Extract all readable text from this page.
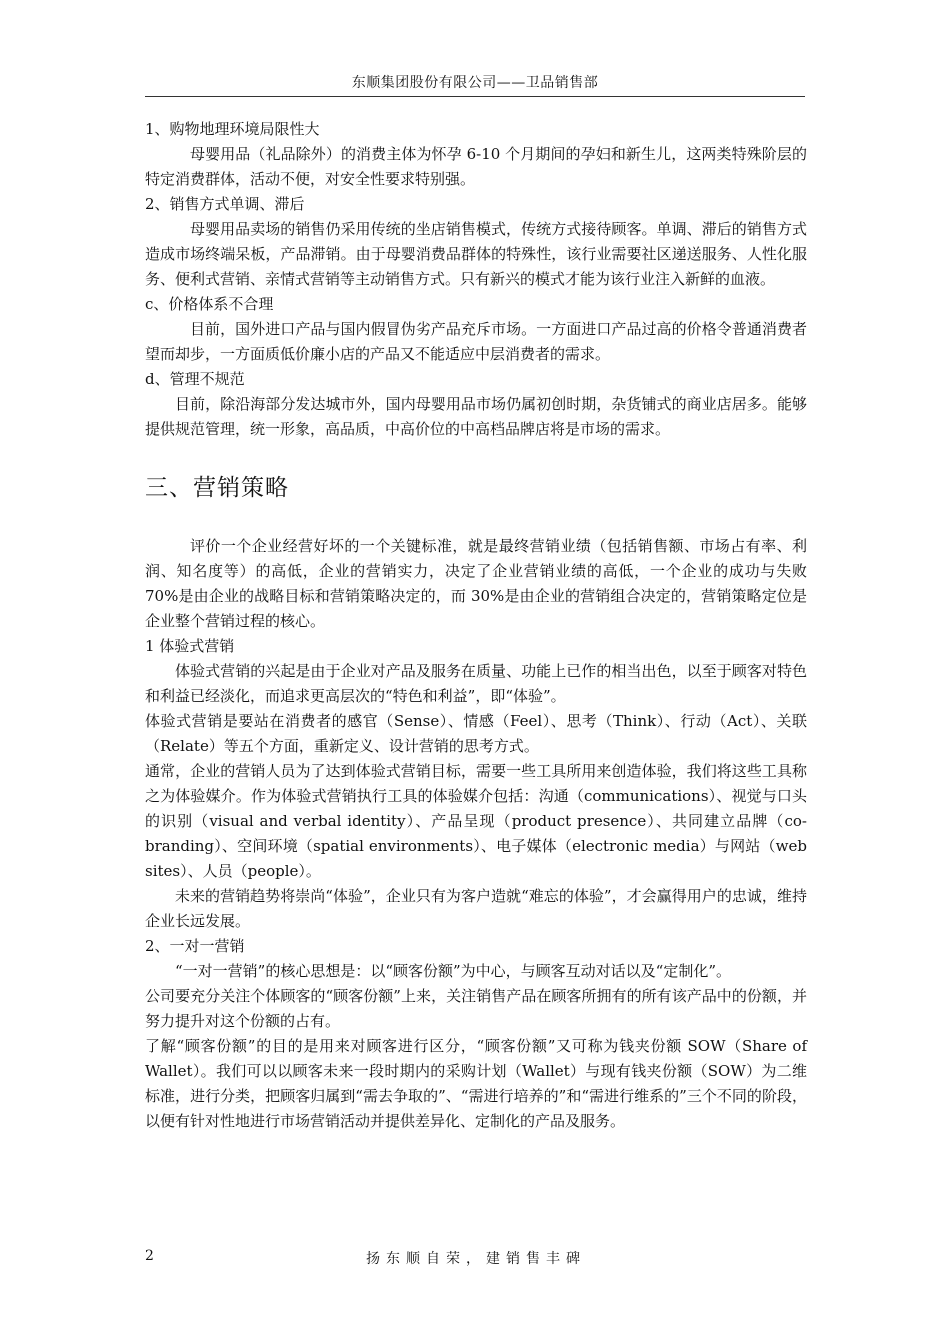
东顺集团股份有限公司——卫品销售部

1、购物地理环境局限性大

母婴用品（礼品除外）的消费主体为怀孕 6-10 个月期间的孕妇和新生儿，这两类特殊阶层的特定消费群体，活动不便，对安全性要求特别强。

2、销售方式单调、滞后

母婴用品卖场的销售仍采用传统的坐店销售模式，传统方式接待顾客。单调、滞后的销售方式造成市场终端呆板，产品滞销。由于母婴消费品群体的特殊性，该行业需要社区递送服务、人性化服务、便利式营销、亲情式营销等主动销售方式。只有新兴的模式才能为该行业注入新鲜的血液。

c、价格体系不合理

目前，国外进口产品与国内假冒伪劣产品充斥市场。一方面进口产品过高的价格令普通消费者望而却步，一方面质低价廉小店的产品又不能适应中层消费者的需求。

d、管理不规范

目前，除沿海部分发达城市外，国内母婴用品市场仍属初创时期，杂货铺式的商业店居多。能够提供规范管理，统一形象，高品质，中高价位的中高档品牌店将是市场的需求。

三、营销策略

评价一个企业经营好坏的一个关键标准，就是最终营销业绩（包括销售额、市场占有率、利润、知名度等）的高低，企业的营销实力，决定了企业营销业绩的高低，一个企业的成功与失败 70%是由企业的战略目标和营销策略决定的，而 30%是由企业的营销组合决定的，营销策略定位是企业整个营销过程的核心。

1 体验式营销

体验式营销的兴起是由于企业对产品及服务在质量、功能上已作的相当出色，以至于顾客对特色和利益已经淡化，而追求更高层次的“特色和利益”，即“体验”。

体验式营销是要站在消费者的感官（Sense）、情感（Feel）、思考（Think）、行动（Act）、关联（Relate）等五个方面，重新定义、设计营销的思考方式。

通常，企业的营销人员为了达到体验式营销目标，需要一些工具所用来创造体验，我们将这些工具称之为体验媒介。作为体验式营销执行工具的体验媒介包括：沟通（communications）、视觉与口头的识别（visual and verbal identity）、产品呈现（product presence）、共同建立品牌（co-branding）、空间环境（spatial environments）、电子媒体（electronic media）与网站（web sites）、人员（people）。

未来的营销趋势将崇尚“体验”，企业只有为客户造就“难忘的体验”，才会赢得用户的忠诚，维持企业长远发展。

2、一对一营销

“一对一营销”的核心思想是：以“顾客份额”为中心，与顾客互动对话以及“定制化”。

公司要充分关注个体顾客的“顾客份额”上来，关注销售产品在顾客所拥有的所有该产品中的份额，并努力提升对这个份额的占有。

了解“顾客份额”的目的是用来对顾客进行区分，“顾客份额”又可称为钱夹份额 SOW（Share of Wallet）。我们可以以顾客未来一段时期内的采购计划（Wallet）与现有钱夹份额（SOW）为二维标准，进行分类，把顾客归属到“需去争取的”、“需进行培养的”和“需进行维系的”三个不同的阶段，以便有针对性地进行市场营销活动并提供差异化、定制化的产品及服务。

2	扬东顺自荣，建销售丰碑
